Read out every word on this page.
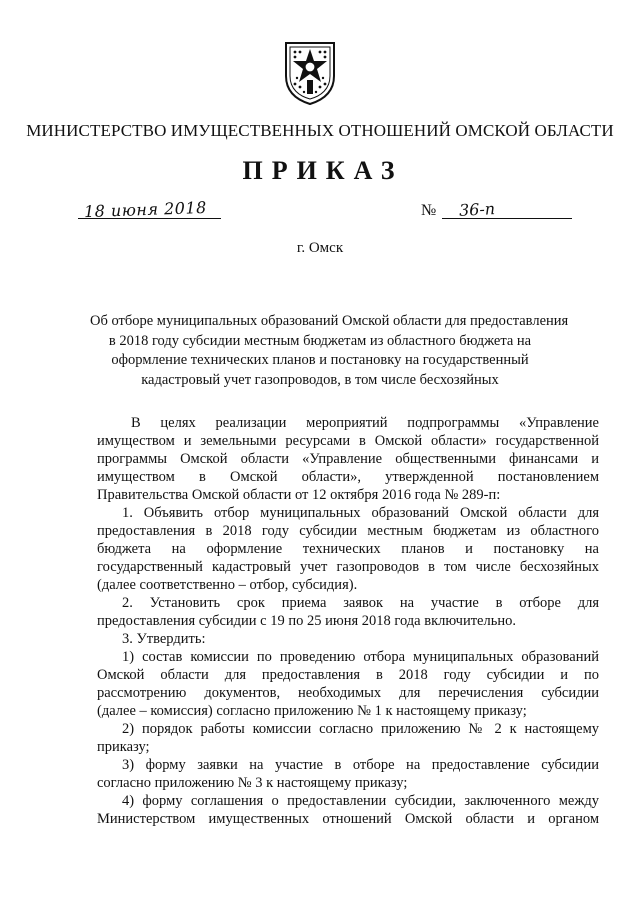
МИНИСТЕРСТВО ИМУЩЕСТВЕННЫХ ОТНОШЕНИЙ ОМСКОЙ ОБЛАСТИ
ПРИКАЗ
18 июня 2018	№ 36-п
г. Омск
Об отборе муниципальных образований Омской области для предоставления
в 2018 году субсидии местным бюджетам из областного бюджета на
оформление технических планов и постановку на государственный
кадастровый учет газопроводов, в том числе бесхозяйных
В целях реализации мероприятий подпрограммы «Управление
имуществом и земельными ресурсами в Омской области» государственной
программы Омской области «Управление общественными финансами и
имуществом в Омской области», утвержденной постановлением
Правительства Омской области от 12 октября 2016 года № 289-п:
1. Объявить отбор муниципальных образований Омской области для
предоставления в 2018 году субсидии местным бюджетам из областного
бюджета на оформление технических планов и постановку на
государственный кадастровый учет газопроводов в том числе бесхозяйных
(далее соответственно – отбор, субсидия).
2. Установить срок приема заявок на участие в отборе для
предоставления субсидии с 19 по 25 июня 2018 года включительно.
3. Утвердить:
1) состав комиссии по проведению отбора муниципальных образований
Омской области для предоставления в 2018 году субсидии и по
рассмотрению документов, необходимых для перечисления субсидии
(далее – комиссия) согласно приложению № 1 к настоящему приказу;
2) порядок работы комиссии согласно приложению № 2 к настоящему
приказу;
3) форму заявки на участие в отборе на предоставление субсидии
согласно приложению № 3 к настоящему приказу;
4) форму соглашения о предоставлении субсидии, заключенного между
Министерством имущественных отношений Омской области и органом
